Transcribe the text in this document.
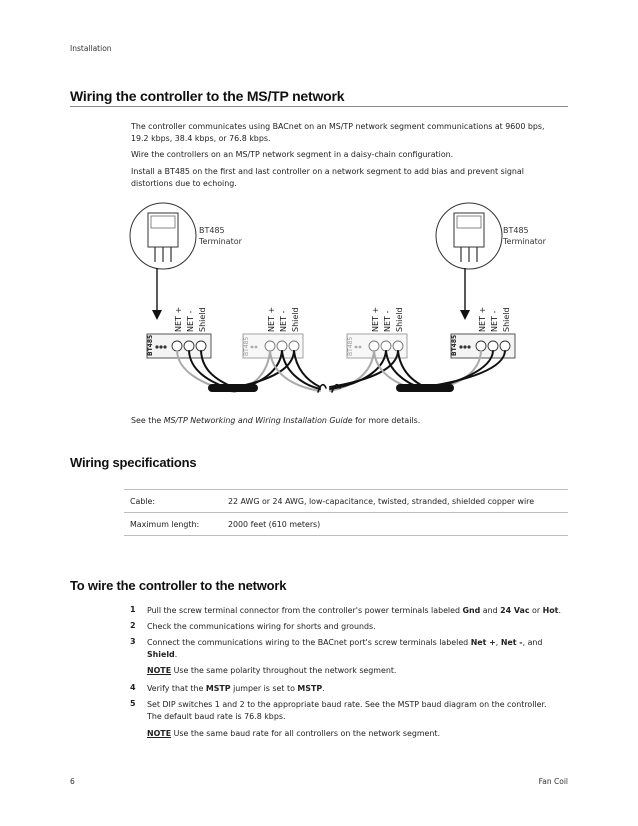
Installation
Wiring the controller to the MS/TP network
The controller communicates using BACnet on an MS/TP network segment communications at 9600 bps,
19.2 kbps, 38.4 kbps, or 76.8 kbps.
Wire the controllers on an MS/TP network segment in a daisy-chain configuration.
Install a BT485 on the first and last controller on a network segment to add bias and prevent signal
distortions due to echoing.
BT485
Terminator
BT485
Terminator
BT485
NET + NET - Shield
BT485
NET + NET - Shield
BT485
NET + NET - Shield
BT485
NET + NET - Shield
See the MS/TP Networking and Wiring Installation Guide for more details.
Wiring specifications
Cable:	22 AWG or 24 AWG, low-capacitance, twisted, stranded, shielded copper wire
Maximum length:	2000 feet (610 meters)
To wire the controller to the network
1 Pull the screw terminal connector from the controller's power terminals labeled Gnd and 24 Vac or Hot.
2 Check the communications wiring for shorts and grounds.
3 Connect the communications wiring to the BACnet port's screw terminals labeled Net +, Net -, and
Shield.
NOTE Use the same polarity throughout the network segment.
4 Verify that the MSTP jumper is set to MSTP.
5 Set DIP switches 1 and 2 to the appropriate baud rate. See the MSTP baud diagram on the controller.
The default baud rate is 76.8 kbps.
NOTE Use the same baud rate for all controllers on the network segment.
6	Fan Coil
